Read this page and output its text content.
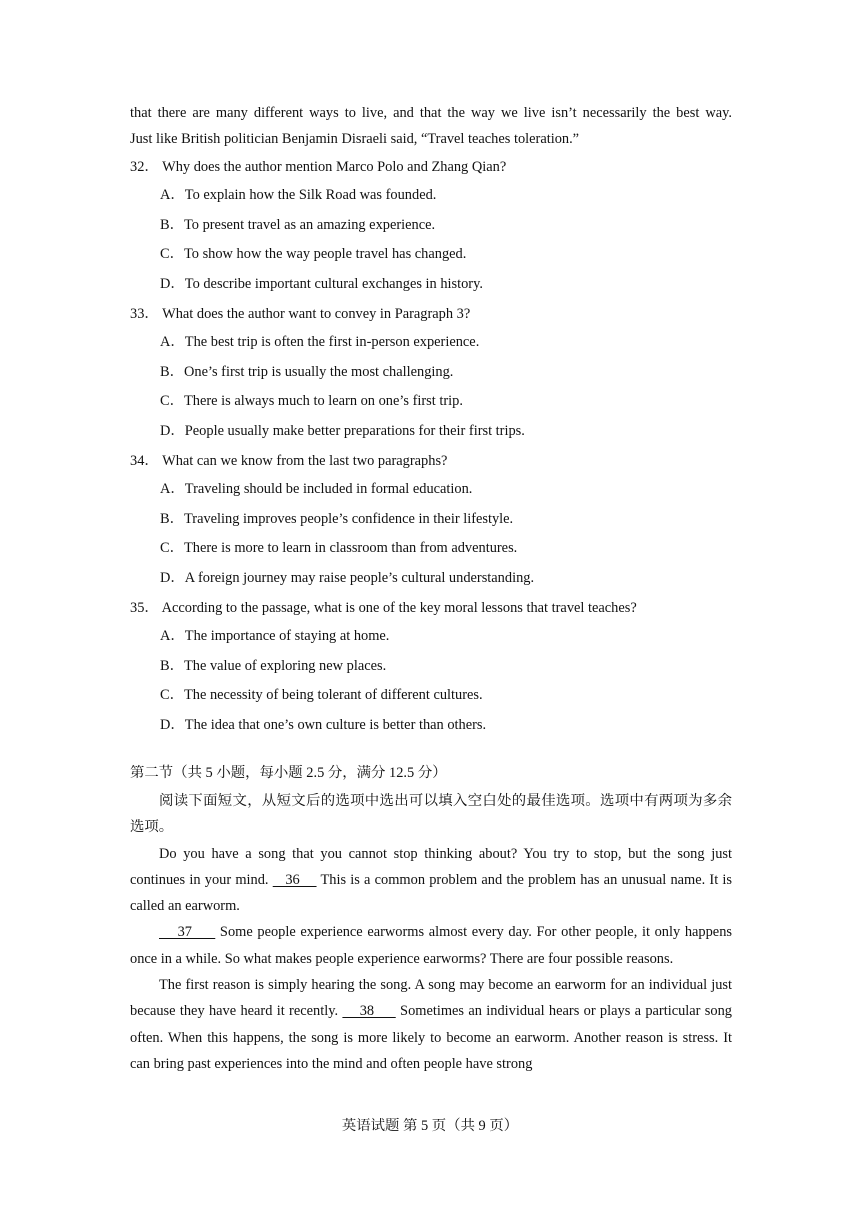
that there are many different ways to live, and that the way we live isn’t necessarily the best way.
Just like British politician Benjamin Disraeli said, “Travel teaches toleration.”
32． Why does the author mention Marco Polo and Zhang Qian?
A．To explain how the Silk Road was founded.
B．To present travel as an amazing experience.
C．To show how the way people travel has changed.
D．To describe important cultural exchanges in history.
33． What does the author want to convey in Paragraph 3?
A．The best trip is often the first in-person experience.
B．One’s first trip is usually the most challenging.
C．There is always much to learn on one’s first trip.
D．People usually make better preparations for their first trips.
34． What can we know from the last two paragraphs?
A．Traveling should be included in formal education.
B．Traveling improves people’s confidence in their lifestyle.
C．There is more to learn in classroom than from adventures.
D．A foreign journey may raise people’s cultural understanding.
35． According to the passage, what is one of the key moral lessons that travel teaches?
A．The importance of staying at home.
B．The value of exploring new places.
C．The necessity of being tolerant of different cultures.
D．The idea that one’s own culture is better than others.
第二节（共 5 小题，每小题 2.5 分，满分 12.5 分）
阅读下面短文，从短文后的选项中选出可以填入空白处的最佳选项。选项中有两项为多余选项。
Do you have a song that you cannot stop thinking about? You try to stop, but the song just continues in your mind.    36     This is a common problem and the problem has an unusual name. It is called an earworm.
37      Some people experience earworms almost every day. For other people, it only happens once in a while. So what makes people experience earworms? There are four possible reasons.
The first reason is simply hearing the song. A song may become an earworm for an individual just because they have heard it recently.     38      Sometimes an individual hears or plays a particular song often. When this happens, the song is more likely to become an earworm. Another reason is stress. It can bring past experiences into the mind and often people have strong
英语试题 第 5 页（共 9 页）
